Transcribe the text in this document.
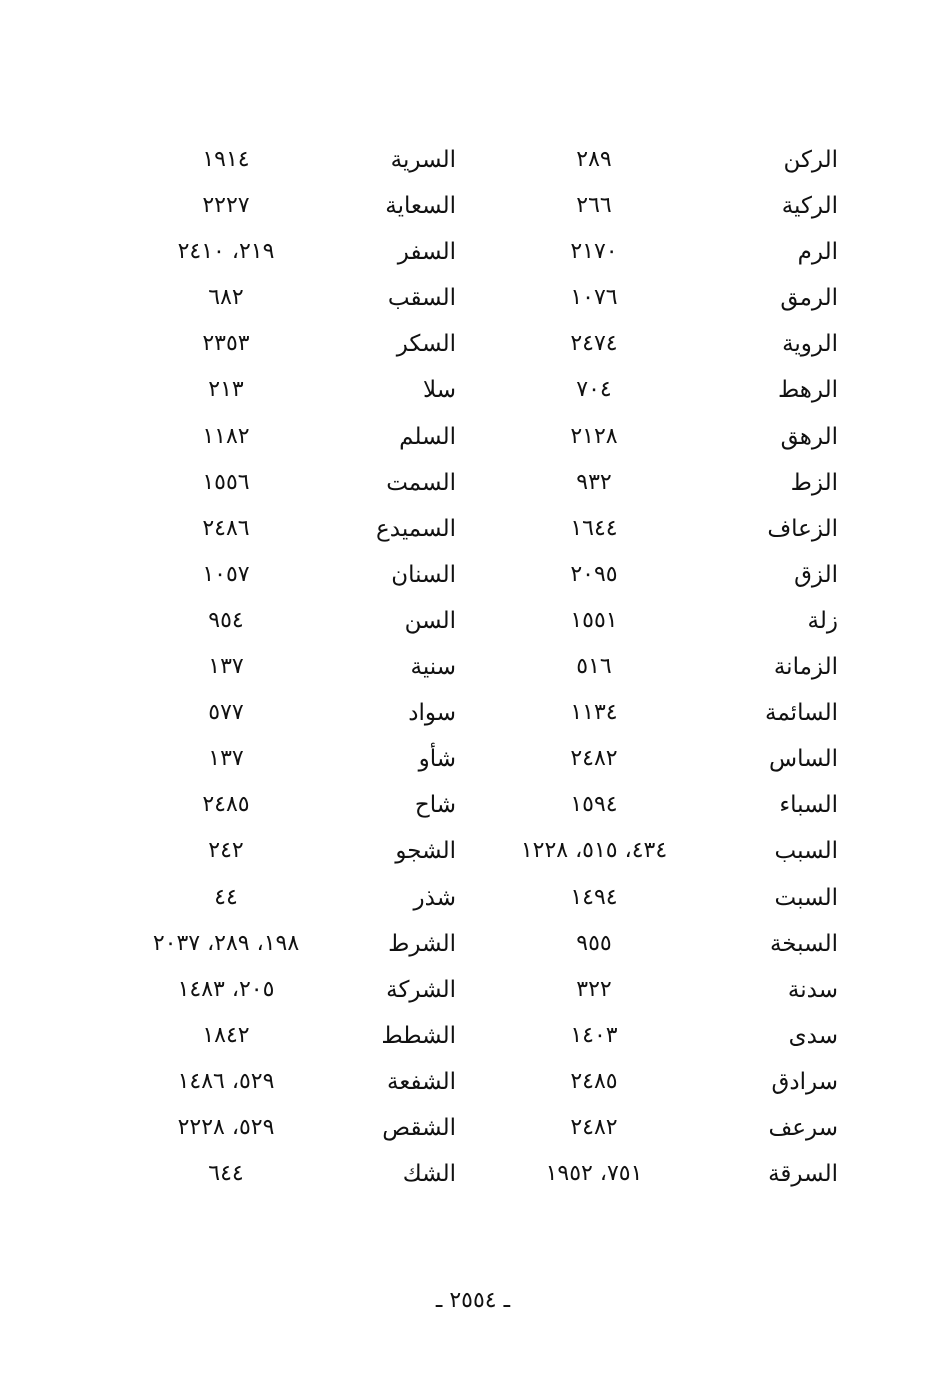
الركن
٢٨٩
السرية
١٩١٤
الركية
٢٦٦
السعاية
٢٢٢٧
الرم
٢١٧٠
السفر
٢١٩، ٢٤١٠
الرمق
١٠٧٦
السقب
٦٨٢
الروية
٢٤٧٤
السكر
٢٣٥٣
الرهط
٧٠٤
سلا
٢١٣
الرهق
٢١٢٨
السلم
١١٨٢
الزط
٩٣٢
السمت
١٥٥٦
الزعاف
١٦٤٤
السميدع
٢٤٨٦
الزق
٢٠٩٥
السنان
١٠٥٧
زلة
١٥٥١
السن
٩٥٤
الزمانة
٥١٦
سنية
١٣٧
السائمة
١١٣٤
سواد
٥٧٧
الساس
٢٤٨٢
شأو
١٣٧
السباء
١٥٩٤
شاح
٢٤٨٥
السبب
٤٣٤، ٥١٥، ١٢٢٨
الشجو
٢٤٢
السبت
١٤٩٤
شذر
٤٤
السبخة
٩٥٥
الشرط
١٩٨، ٢٨٩، ٢٠٣٧
سدنة
٣٢٢
الشركة
٢٠٥، ١٤٨٣
سدى
١٤٠٣
الشطط
١٨٤٢
سرادق
٢٤٨٥
الشفعة
٥٢٩، ١٤٨٦
سرعف
٢٤٨٢
الشقص
٥٢٩، ٢٢٢٨
السرقة
٧٥١، ١٩٥٢
الشك
٦٤٤
ـ ٢٥٥٤ ـ
